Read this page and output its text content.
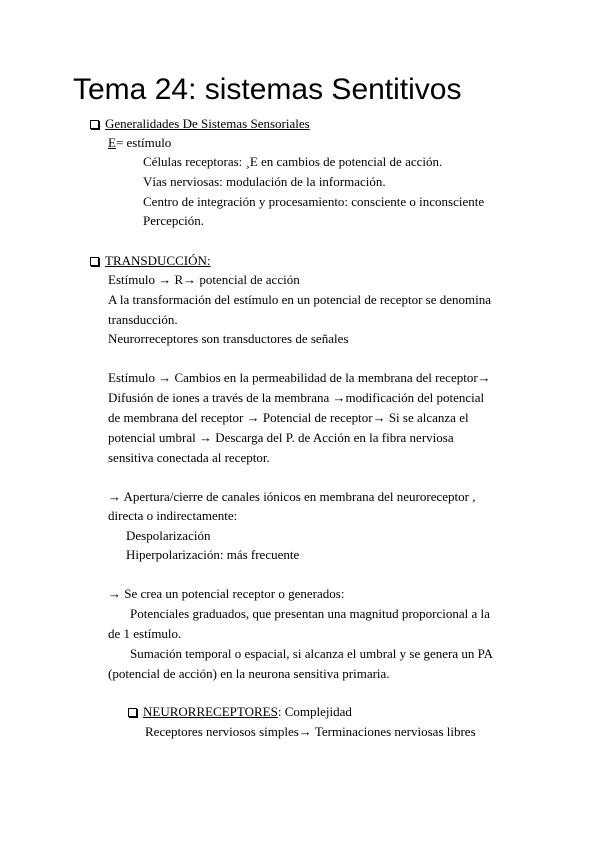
Tema 24: sistemas Sentitivos
Generalidades De Sistemas Sensoriales
E= estímulo
Células receptoras: ¸E en cambios de potencial de acción.
Vías nerviosas: modulación de la información.
Centro de integración y procesamiento: consciente o inconsciente
Percepción.
TRANSDUCCIÓN:
Estímulo → R→ potencial de acción
A la transformación del estímulo en un potencial de receptor se denomina
transducción.
Neurorreceptores son transductores de señales
Estímulo → Cambios en la permeabilidad de la membrana del receptor→
Difusión de iones a través de la membrana →modificación del potencial
de membrana del receptor → Potencial de receptor→ Si se alcanza el
potencial umbral → Descarga del P. de Acción en la fibra nerviosa
sensitiva conectada al receptor.
→ Apertura/cierre de canales iónicos en membrana del neuroreceptor ,
directa o indirectamente:
Despolarización
Hiperpolarización: más frecuente
→ Se crea un potencial receptor o generados:
Potenciales graduados, que presentan una magnitud proporcional a la
de 1 estímulo.
Sumación temporal o espacial, si alcanza el umbral y se genera un PA
(potencial de acción) en la neurona sensitiva primaria.
NEURORRECEPTORES: Complejidad
Receptores nerviosos simples→ Terminaciones nerviosas libres
